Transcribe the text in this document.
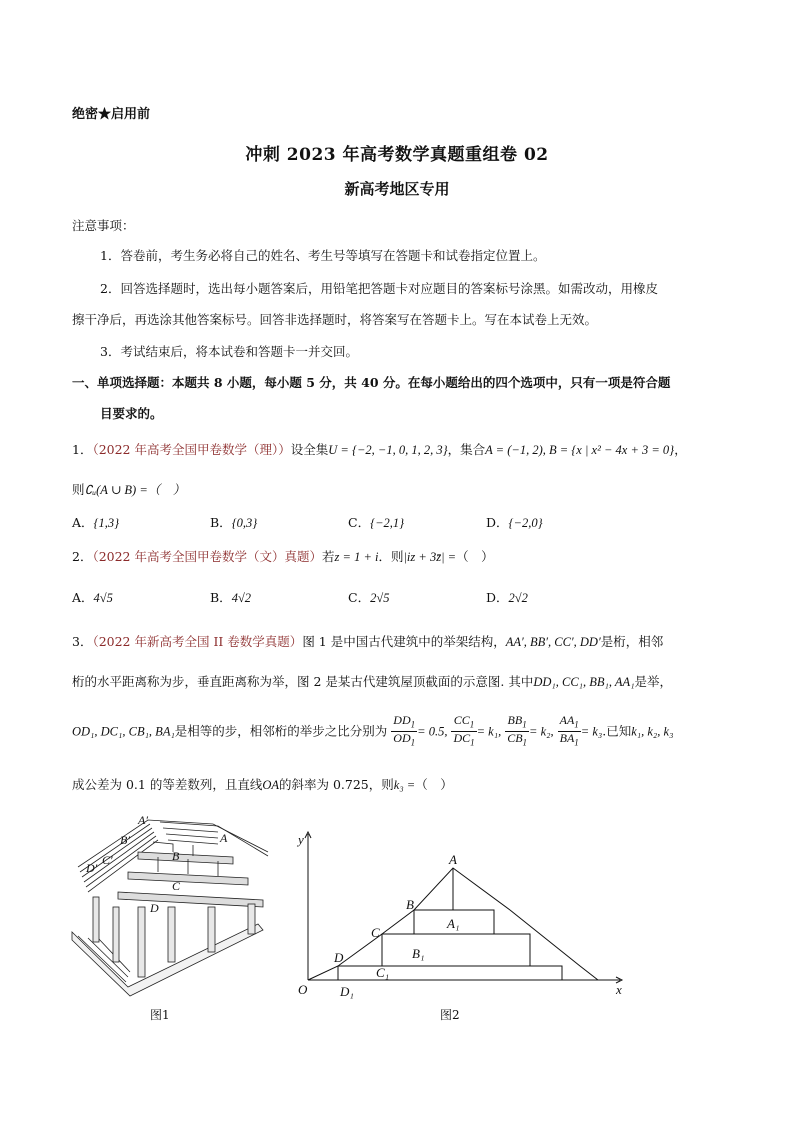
绝密★启用前
冲刺 2023 年高考数学真题重组卷 02
新高考地区专用
注意事项：
1．答卷前，考生务必将自己的姓名、考生号等填写在答题卡和试卷指定位置上。
2．回答选择题时，选出每小题答案后，用铅笔把答题卡对应题目的答案标号涂黑。如需改动，用橡皮
擦干净后，再选涂其他答案标号。回答非选择题时，将答案写在答题卡上。写在本试卷上无效。
3．考试结束后，将本试卷和答题卡一并交回。
一、单项选择题：本题共 8 小题，每小题 5 分，共 40 分。在每小题给出的四个选项中，只有一项是符合题
目要求的。
1．（2022 年高考全国甲卷数学（理））设全集U = {−2, −1, 0, 1, 2, 3}，集合A = (−1, 2), B = {x | x² − 4x + 3 = 0}，
则∁ᵤ(A ∪ B) =（　）
A．{1,3}	B．{0,3}	C．{−2,1}	D．{−2,0}
2．（2022 年高考全国甲卷数学（文）真题）若z = 1 + i．则|iz + 3z̄| =（　）
A．4√5	B．4√2	C．2√5	D．2√2
3．（2022 年新高考全国 II 卷数学真题）图 1 是中国古代建筑中的举架结构，AA′, BB′, CC′, DD′是桁，相邻
桁的水平距离称为步，垂直距离称为举，图 2 是某古代建筑屋顶截面的示意图. 其中DD₁, CC₁, BB₁, AA₁是举，
OD₁, DC₁, CB₁, BA₁是相等的步，相邻桁的举步之比分别为 $\frac{DD_1}{OD_1} = 0.5$, $\frac{CC_1}{DC_1} = k_1$, $\frac{BB_1}{CB_1} = k_2$, $\frac{AA_1}{BA_1} = k_3$.已知k₁, k₂, k₃
成公差为 0.1 的等差数列，且直线OA的斜率为 0.725，则k₃ =（　）
A′
A
B′
B
C′
C
D′
D
图1
y
x
O
A
B
C
D
A₁
B₁
C₁
D₁
图2
